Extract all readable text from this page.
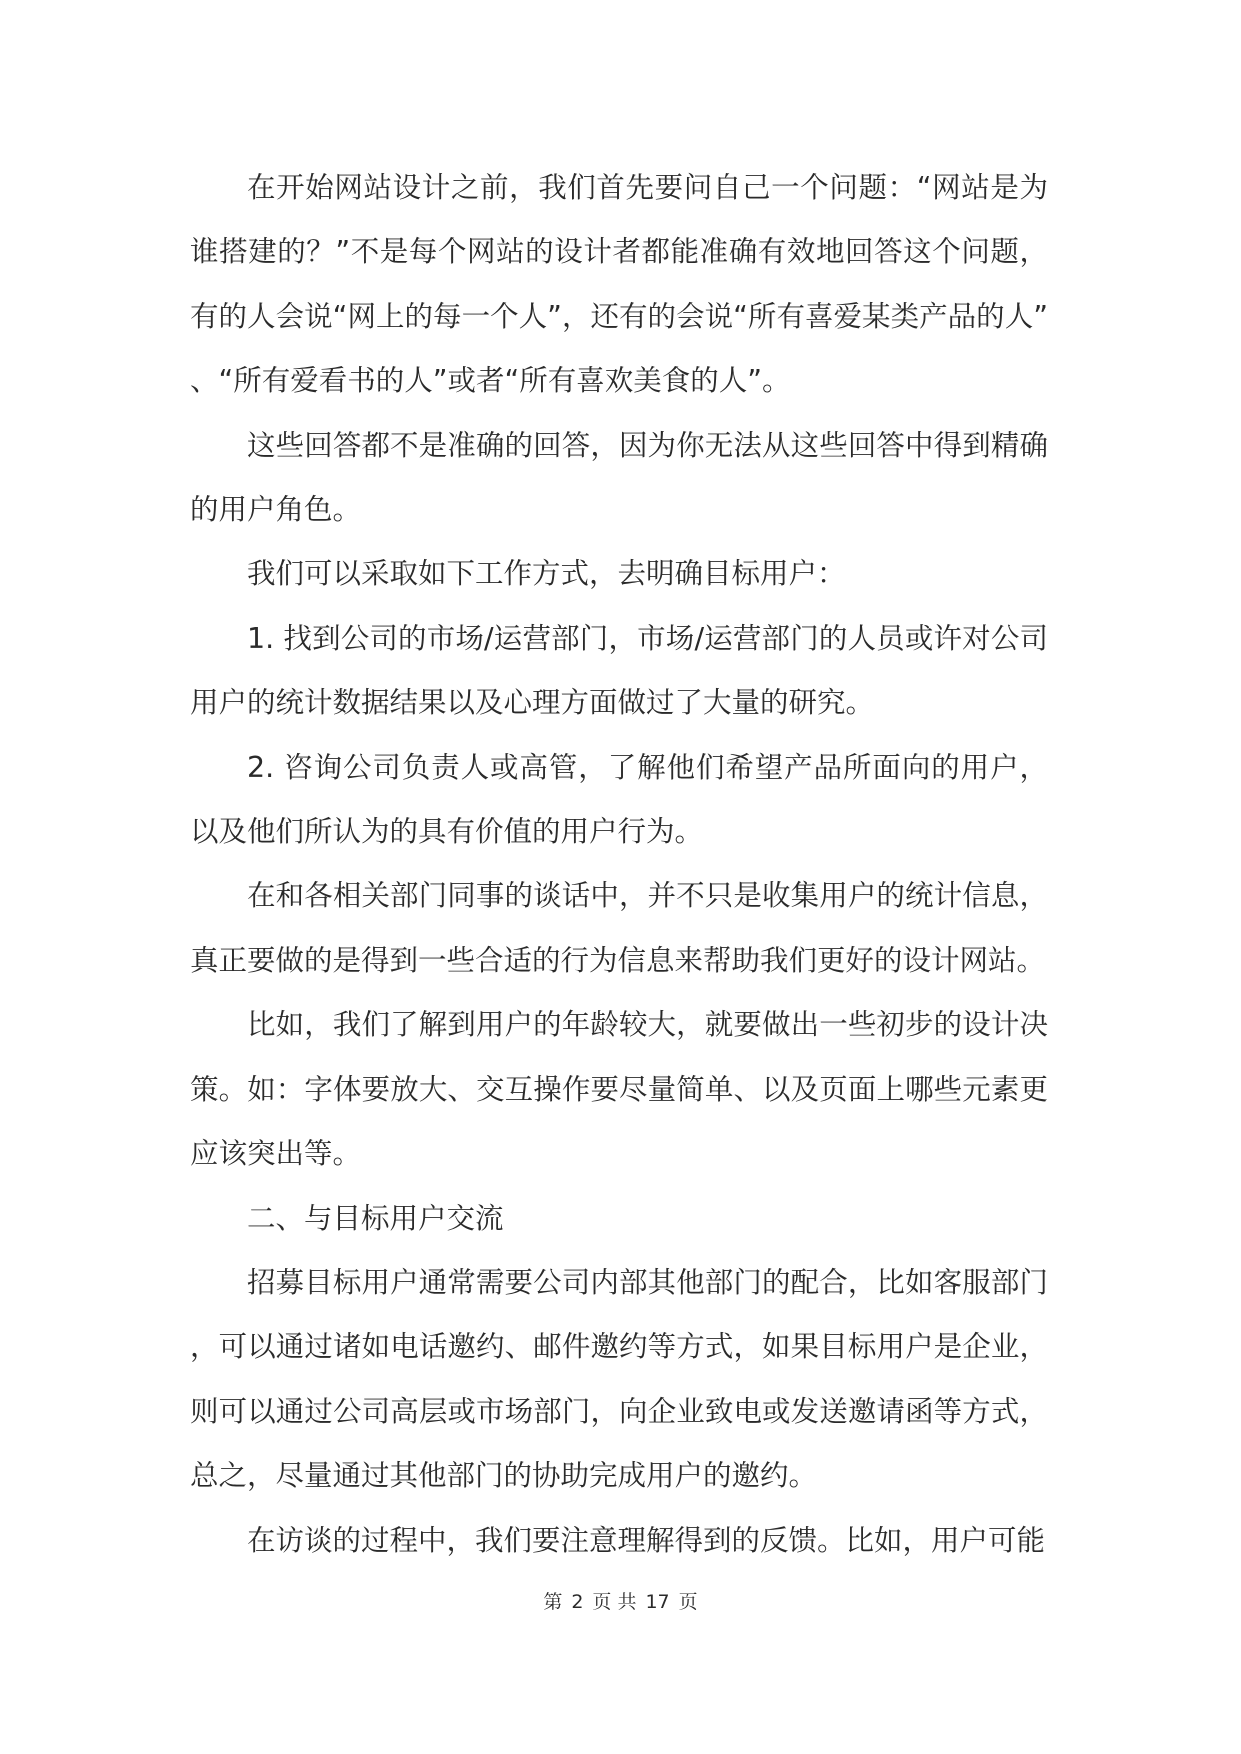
在开始网站设计之前，我们首先要问自己一个问题：“网站是为谁搭建的？”不是每个网站的设计者都能准确有效地回答这个问题，有的人会说“网上的每一个人”，还有的会说“所有喜爱某类产品的人”、“所有爱看书的人”或者“所有喜欢美食的人”。

这些回答都不是准确的回答，因为你无法从这些回答中得到精确的用户角色。

我们可以采取如下工作方式，去明确目标用户：

1. 找到公司的市场/运营部门，市场/运营部门的人员或许对公司用户的统计数据结果以及心理方面做过了大量的研究。

2. 咨询公司负责人或高管，了解他们希望产品所面向的用户，以及他们所认为的具有价值的用户行为。

在和各相关部门同事的谈话中，并不只是收集用户的统计信息，真正要做的是得到一些合适的行为信息来帮助我们更好的设计网站。

比如，我们了解到用户的年龄较大，就要做出一些初步的设计决策。如：字体要放大、交互操作要尽量简单、以及页面上哪些元素更应该突出等。

二、与目标用户交流

招募目标用户通常需要公司内部其他部门的配合，比如客服部门，可以通过诸如电话邀约、邮件邀约等方式，如果目标用户是企业，则可以通过公司高层或市场部门，向企业致电或发送邀请函等方式，总之，尽量通过其他部门的协助完成用户的邀约。

在访谈的过程中，我们要注意理解得到的反馈。比如，用户可能

第 2 页 共 17 页
